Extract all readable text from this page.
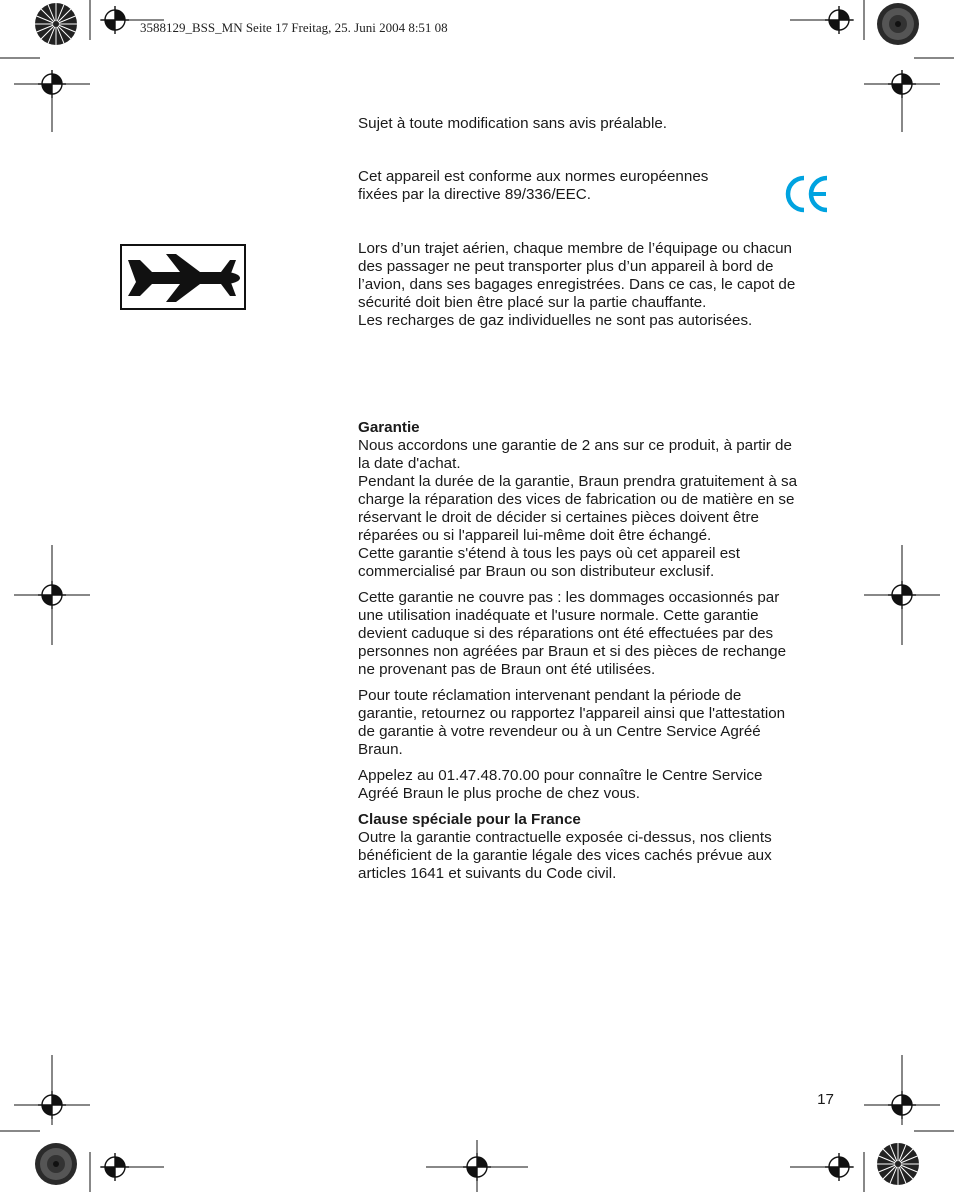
3588129_BSS_MN Seite 17 Freitag, 25. Juni 2004 8:51 08

Sujet à toute modification sans avis préalable.

Cet appareil est conforme aux normes européennes

fixées par la directive 89/336/EEC.

Lors d’un trajet aérien, chaque membre de l’équipage ou chacun

des passager ne peut transporter plus d’un appareil à bord de

l’avion, dans ses bagages enregistrées. Dans ce cas, le capot de

sécurité doit bien être placé sur la partie chauffante.

Les recharges de gaz individuelles ne sont pas autorisées.

Garantie

Nous accordons une garantie de 2 ans sur ce produit, à partir de

la date d'achat.

Pendant la durée de la garantie, Braun prendra gratuitement à sa

charge la réparation des vices de fabrication ou de matière en se

réservant le droit de décider si certaines pièces doivent être

réparées ou si l'appareil lui-même doit être échangé.

Cette garantie s'étend à tous les pays où cet appareil est

commercialisé par Braun ou son distributeur exclusif.

Cette garantie ne couvre pas : les dommages occasionnés par

une utilisation inadéquate et l'usure normale. Cette garantie

devient caduque si des réparations ont été effectuées par des

personnes non agréées par Braun et si des pièces de rechange

ne provenant pas de Braun ont été utilisées.

Pour toute réclamation intervenant pendant la période de

garantie, retournez ou rapportez l'appareil ainsi que l'attestation

de garantie à votre revendeur ou à un Centre Service Agréé

Braun.

Appelez au 01.47.48.70.00 pour connaître le Centre Service

Agréé Braun le plus proche de chez vous.

Clause spéciale pour la France

Outre la garantie contractuelle exposée ci-dessus, nos clients

bénéficient de la garantie légale des vices cachés prévue aux

articles 1641 et suivants du Code civil.

17
